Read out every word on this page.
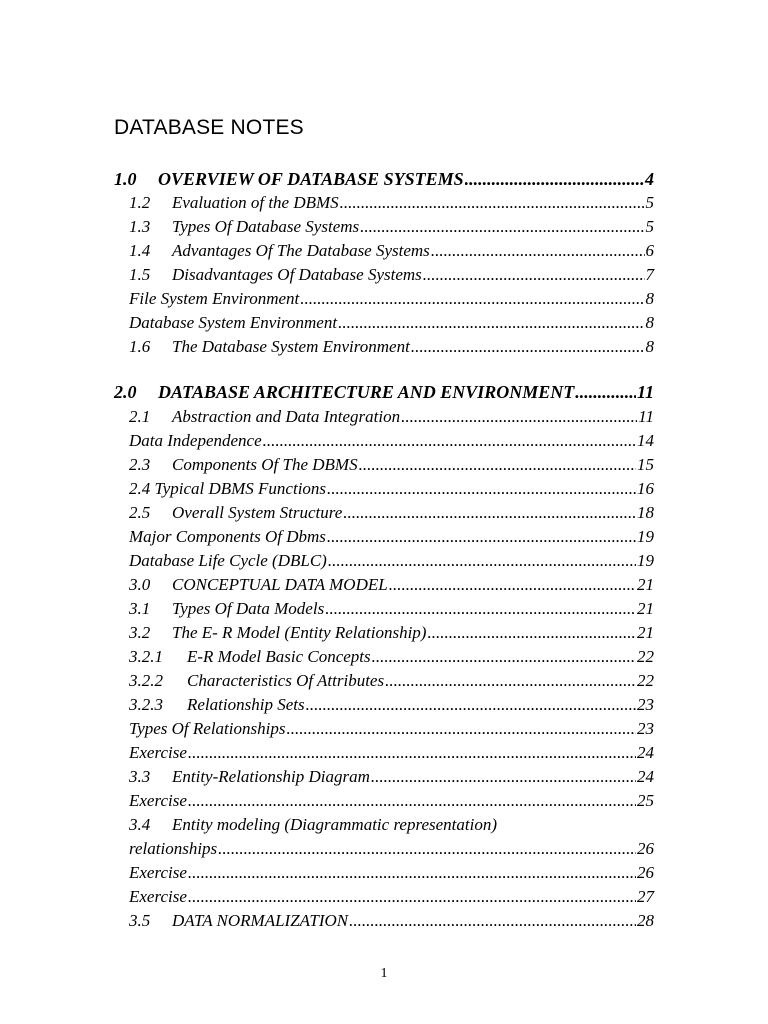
DATABASE NOTES
1.0	OVERVIEW OF DATABASE SYSTEMS .....	4
1.2	Evaluation of the DBMS .....	5
1.3	Types Of Database Systems .....	5
1.4	Advantages Of The Database Systems .....	6
1.5	Disadvantages Of Database Systems .....	7
File System Environment .....	8
Database System Environment .....	8
1.6	The Database System Environment .....	8
2.0	DATABASE ARCHITECTURE AND ENVIRONMENT .....	11
2.1	Abstraction and Data Integration .....	11
Data Independence .....	14
2.3	Components Of The DBMS .....	15
2.4 Typical DBMS Functions .....	16
2.5	Overall System Structure .....	18
Major Components Of Dbms .....	19
Database Life Cycle (DBLC) .....	19
3.0	CONCEPTUAL DATA MODEL .....	21
3.1	Types Of Data Models .....	21
3.2	The E- R Model (Entity Relationship) .....	21
3.2.1	E-R Model Basic Concepts .....	22
3.2.2	Characteristics Of Attributes .....	22
3.2.3	Relationship Sets .....	23
Types Of Relationships .....	23
Exercise .....	24
3.3	Entity-Relationship Diagram .....	24
Exercise .....	25
3.4	Entity modeling (Diagrammatic representation)
relationships .....	26
Exercise .....	26
Exercise .....	27
3.5	DATA NORMALIZATION .....	28
1
